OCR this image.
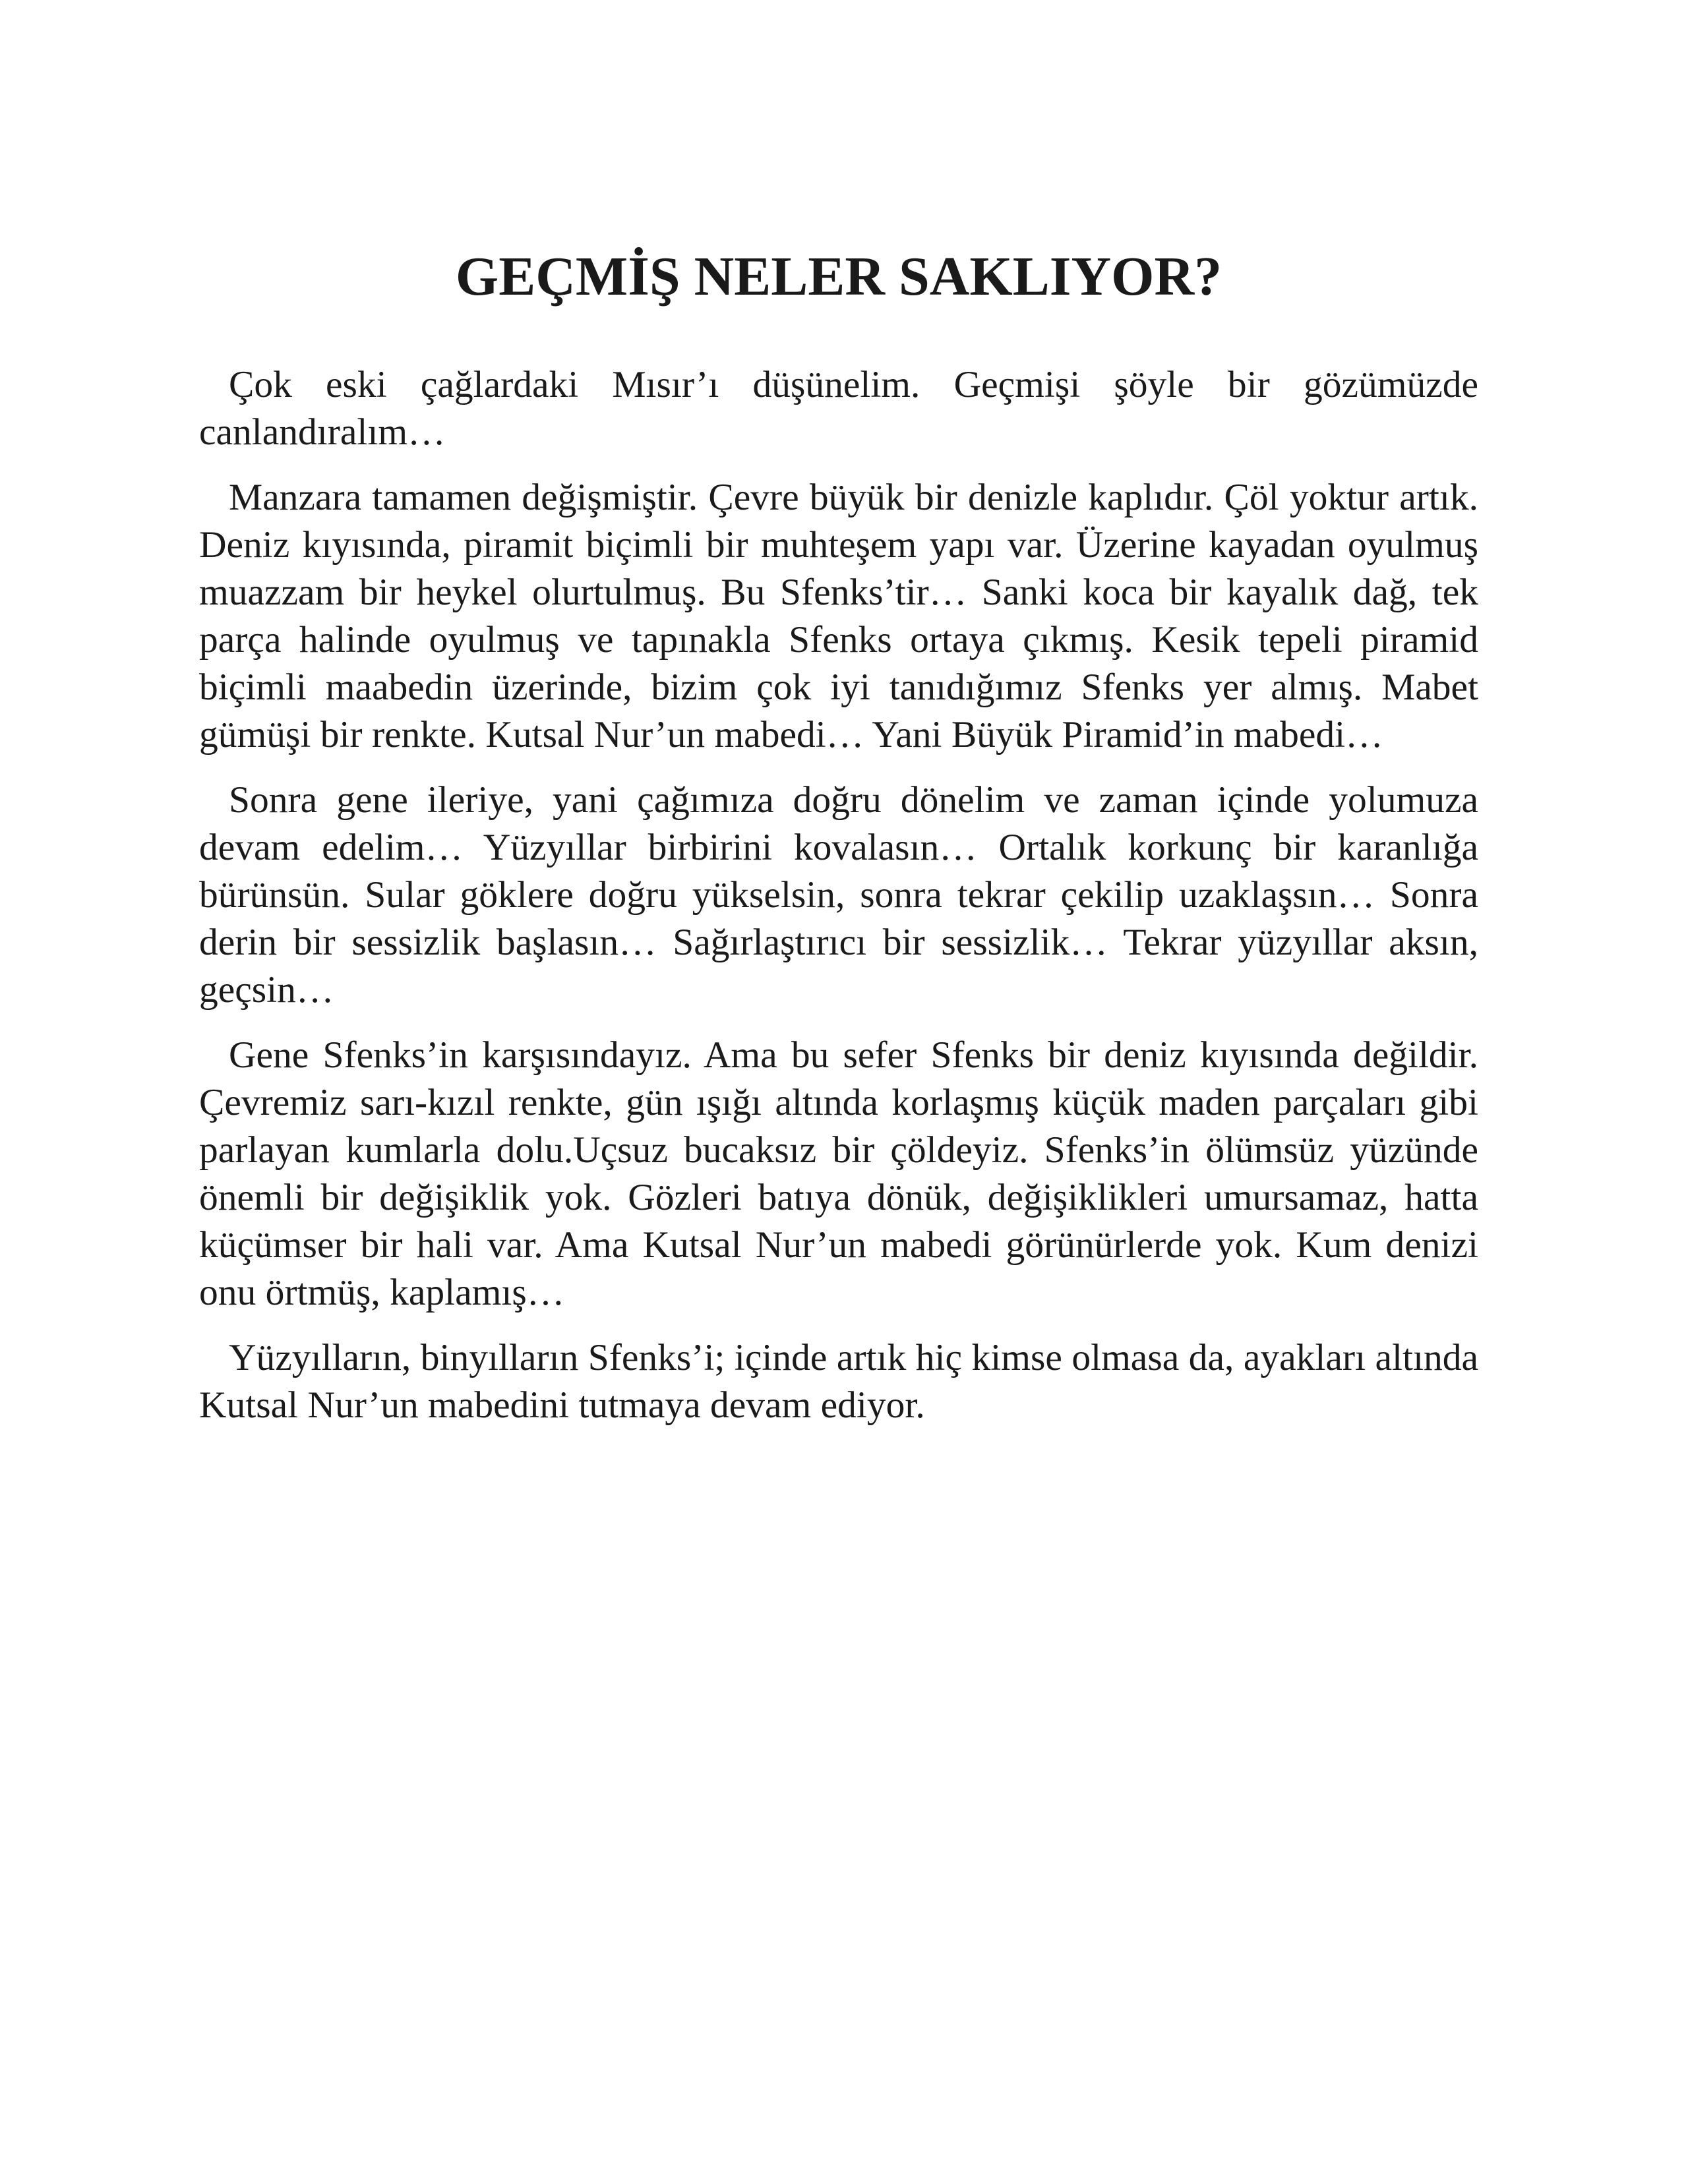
GEÇMİŞ NELER SAKLIYOR?

Çok eski çağlardaki Mısır’ı düşünelim. Geçmişi şöyle bir gözümüzde canlandıralım…

Manzara tamamen değişmiştir. Çevre büyük bir denizle kaplıdır. Çöl yoktur artık. Deniz kıyısında, piramit biçimli bir muhteşem yapı var. Üzerine kayadan oyulmuş muazzam bir heykel olurtulmuş. Bu Sfenks’tir… Sanki koca bir kayalık dağ, tek parça halinde oyulmuş ve tapınakla Sfenks ortaya çıkmış. Kesik tepeli piramid biçimli maabedin üzerinde, bizim çok iyi tanıdığımız Sfenks yer almış. Mabet gümüşi bir renkte. Kutsal Nur’un mabedi… Yani Büyük Piramid’in mabedi…

Sonra gene ileriye, yani çağımıza doğru dönelim ve zaman içinde yolumuza devam edelim… Yüzyıllar birbirini kovalasın… Ortalık korkunç bir karanlığa bürünsün. Sular göklere doğru yükselsin, sonra tekrar çekilip uzaklaşsın… Sonra derin bir sessizlik başlasın… Sağırlaştırıcı bir sessizlik… Tekrar yüzyıllar aksın, geçsin…

Gene Sfenks’in karşısındayız. Ama bu sefer Sfenks bir deniz kıyısında değildir. Çevremiz sarı-kızıl renkte, gün ışığı altında korlaşmış küçük maden parçaları gibi parlayan kumlarla dolu.Uçsuz bucaksız bir çöldeyiz. Sfenks’in ölümsüz yüzünde önemli bir değişiklik yok. Gözleri batıya dönük, değişiklikleri umursamaz, hatta küçümser bir hali var. Ama Kutsal Nur’un mabedi görünürlerde yok. Kum denizi onu örtmüş, kaplamış…

Yüzyılların, binyılların Sfenks’i; içinde artık hiç kimse olmasa da, ayakları altında Kutsal Nur’un mabedini tutmaya devam ediyor.
